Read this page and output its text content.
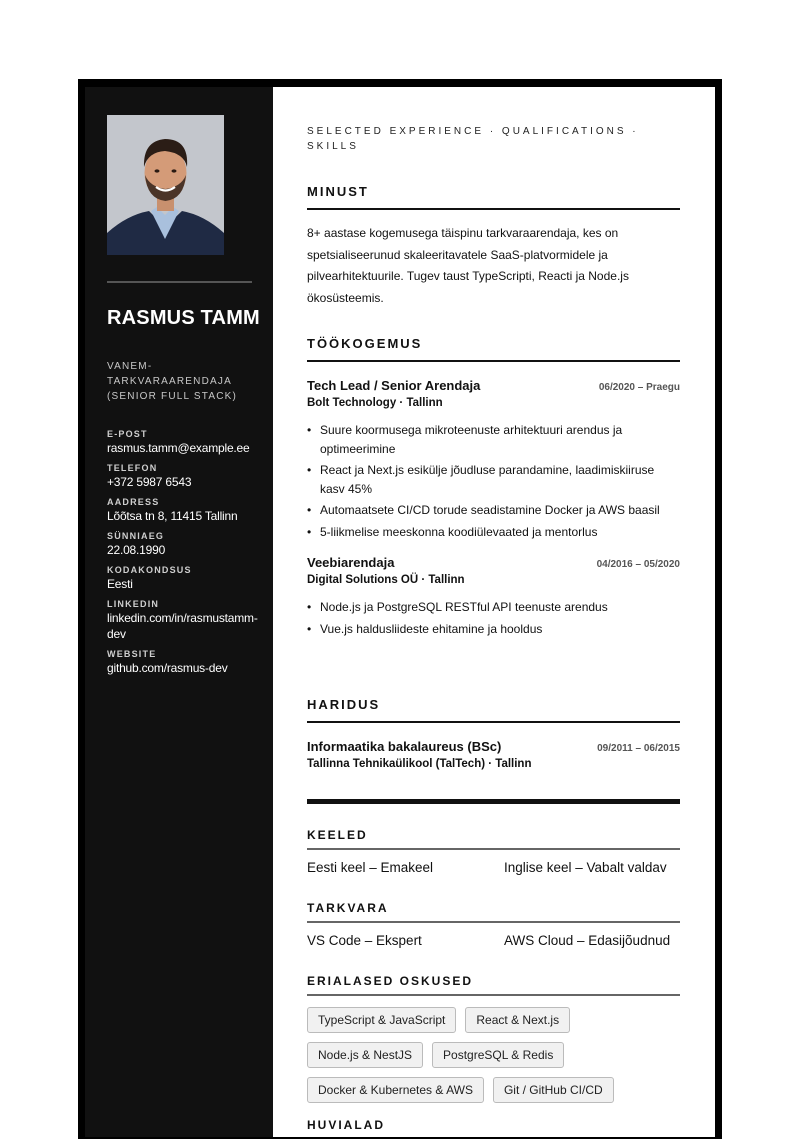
RASMUS TAMM
VANEM-TARKVARAARENDAJA (SENIOR FULL STACK)
E-POST
rasmus.tamm@example.ee
TELEFON
+372 5987 6543
AADRESS
Lõõtsa tn 8, 11415 Tallinn
SÜNNIAEG
22.08.1990
KODAKONDSUS
Eesti
LINKEDIN
linkedin.com/in/rasmustamm-dev
WEBSITE
github.com/rasmus-dev
SELECTED EXPERIENCE · QUALIFICATIONS · SKILLS
MINUST
8+ aastase kogemusega täispinu tarkvaraarendaja, kes on spetsialiseerunud skaleeritavatele SaaS-platvormidele ja pilvearhitektuurile. Tugev taust TypeScripti, Reacti ja Node.js ökosüsteemis.
TÖÖKOGEMUS
Tech Lead / Senior Arendaja	06/2020 – Praegu
Bolt Technology · Tallinn
• Suure koormusega mikroteenuste arhitektuuri arendus ja optimeerimine
• React ja Next.js esikülje jõudluse parandamine, laadimiskiiruse kasv 45%
• Automaatsete CI/CD torude seadistamine Docker ja AWS baasil
• 5-liikmelise meeskonna koodiülevaated ja mentorlus
Veebiarendaja	04/2016 – 05/2020
Digital Solutions OÜ · Tallinn
• Node.js ja PostgreSQL RESTful API teenuste arendus
• Vue.js haldusliideste ehitamine ja hooldus
HARIDUS
Informaatika bakalaureus (BSc)	09/2011 – 06/2015
Tallinna Tehnikaülikool (TalTech) · Tallinn
KEELED
Eesti keel – Emakeel	Inglise keel – Vabalt valdav
TARKVARA
VS Code – Ekspert	AWS Cloud – Edasijõudnud
ERIALASED OSKUSED
TypeScript & JavaScript	React & Next.js
Node.js & NestJS	PostgreSQL & Redis
Docker & Kubernetes & AWS	Git / GitHub CI/CD
HUVIALAD
